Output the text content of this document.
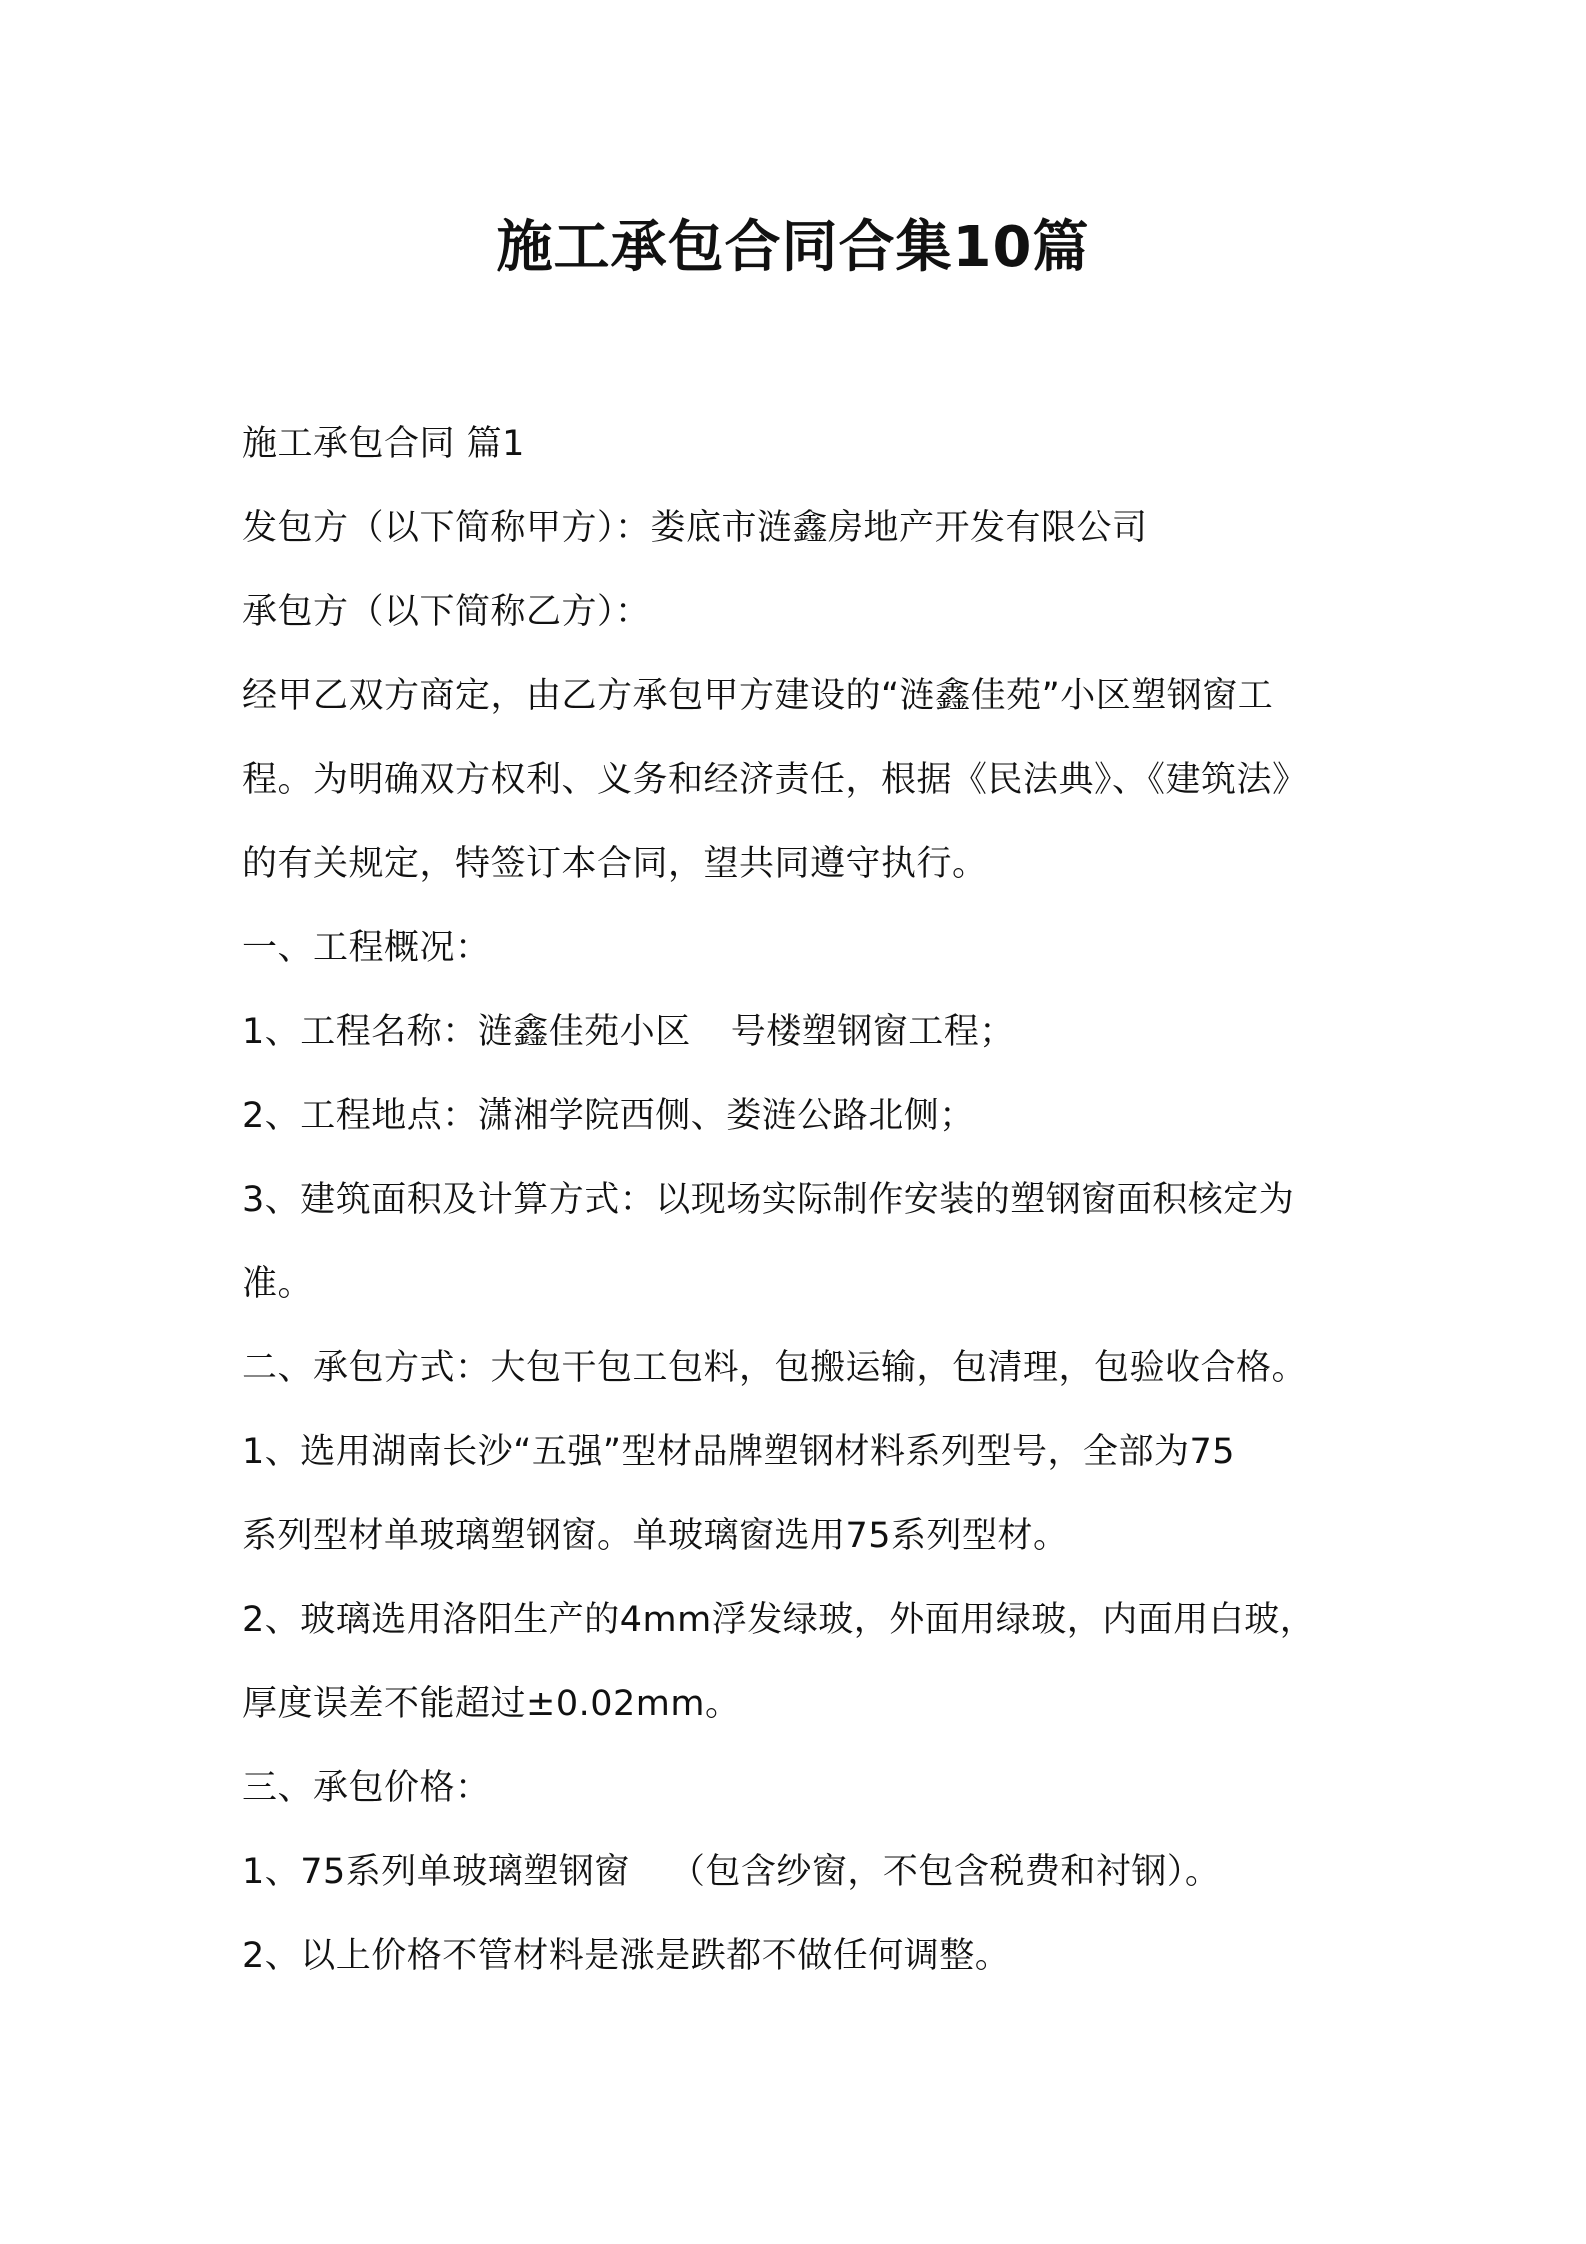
施工承包合同合集10篇

施工承包合同 篇1

发包方（以下简称甲方）：娄底市涟鑫房地产开发有限公司

承包方（以下简称乙方）：

经甲乙双方商定，由乙方承包甲方建设的“涟鑫佳苑”小区塑钢窗工

程。为明确双方权利、义务和经济责任，根据《民法典》、《建筑法》

的有关规定，特签订本合同，望共同遵守执行。

一、工程概况：

1、工程名称：涟鑫佳苑小区 号楼塑钢窗工程；

2、工程地点：潇湘学院西侧、娄涟公路北侧；

3、建筑面积及计算方式：以现场实际制作安装的塑钢窗面积核定为

准。

二、承包方式：大包干包工包料，包搬运输，包清理，包验收合格。

1、选用湖南长沙“五强”型材品牌塑钢材料系列型号，全部为75

系列型材单玻璃塑钢窗。单玻璃窗选用75系列型材。

2、玻璃选用洛阳生产的4mm浮发绿玻，外面用绿玻，内面用白玻，

厚度误差不能超过±0.02mm。

三、承包价格：

1、75系列单玻璃塑钢窗 （包含纱窗，不包含税费和衬钢）。

2、以上价格不管材料是涨是跌都不做任何调整。
